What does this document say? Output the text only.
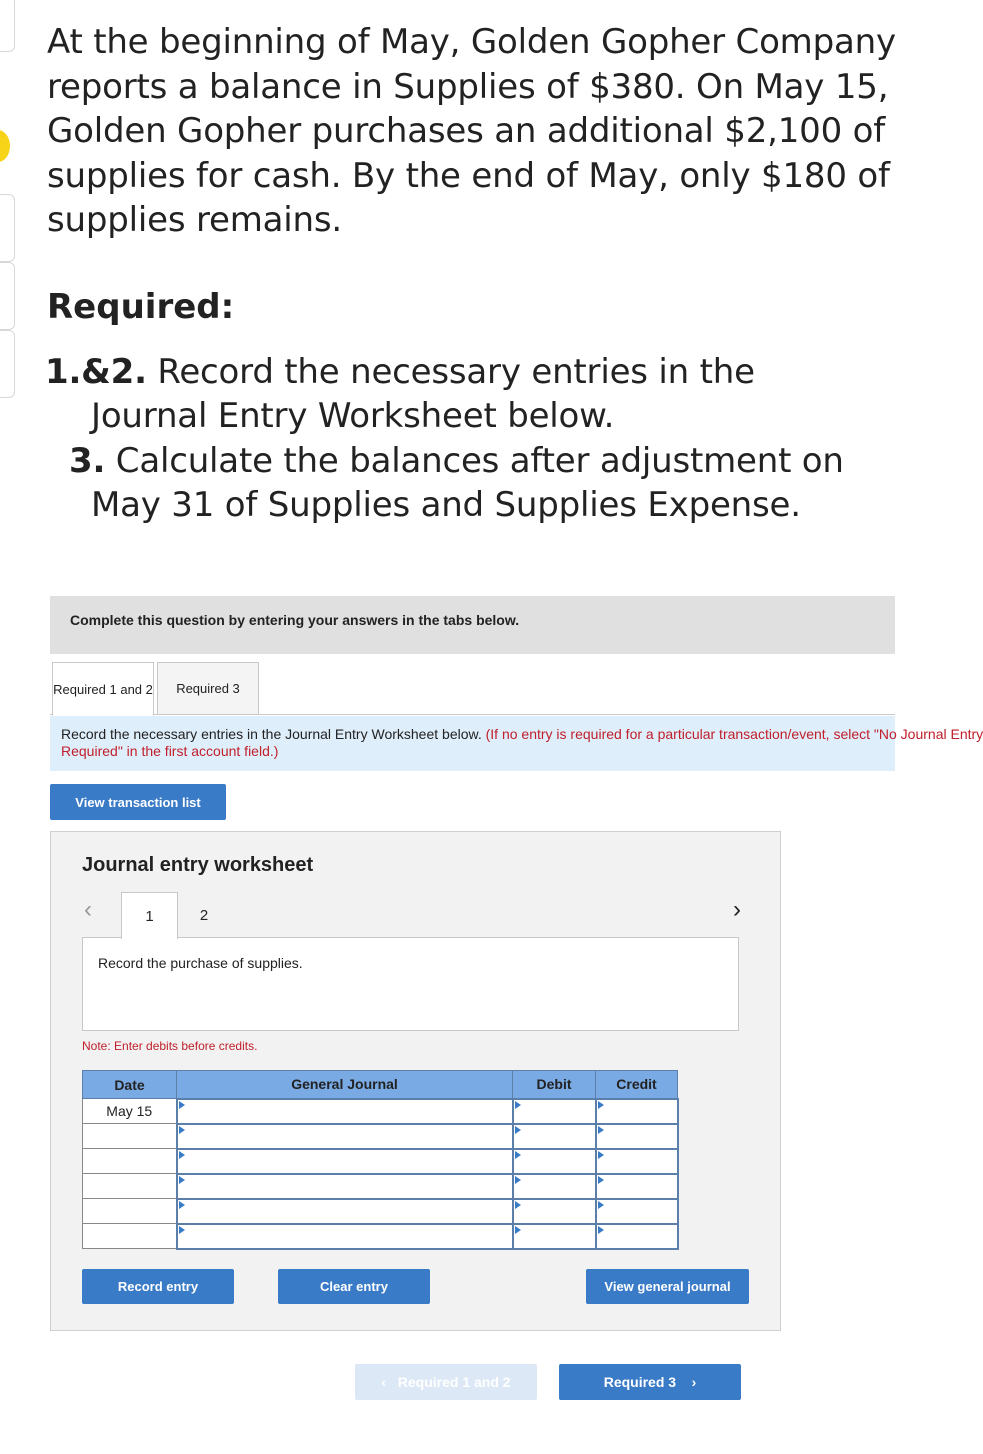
At the beginning of May, Golden Gopher Company reports a balance in Supplies of $380. On May 15, Golden Gopher purchases an additional $2,100 of supplies for cash. By the end of May, only $180 of supplies remains.
Required:
1.&2. Record the necessary entries in the
Journal Entry Worksheet below.
3. Calculate the balances after adjustment on
May 31 of Supplies and Supplies Expense.
Complete this question by entering your answers in the tabs below.
Required 1 and 2	Required 3

Record the necessary entries in the Journal Entry Worksheet below. (If no entry is required for a particular transaction/event, select "No Journal Entry
Required" in the first account field.)

View transaction list
Journal entry worksheet
‹	1	2	›
Record the purchase of supplies.
Note: Enter debits before credits.
Date	General Journal	Debit	Credit
May 15			

Record entry	Clear entry	View general journal
‹
Required 1 and 2	Required 3
›
